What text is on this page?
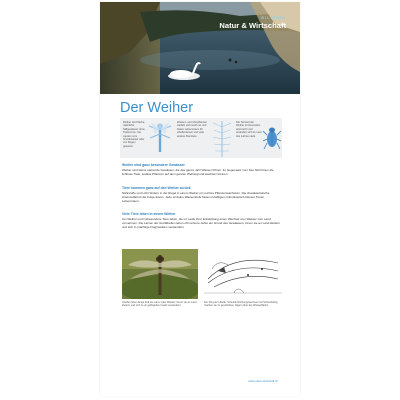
BILDUNG
Natur & Wirtschaft
Der Weiher
Weiher sind flache, natürliche Stillgewässer ohne Tiefenzone. Sie werden vom Grundwasser oder von Regen gespeist.
Wasser- und Uferpflanzen siedeln sich rasch an und bieten Lebensraum für Libellenlarven und viele andere Kleintiere.
Die Tierwelt der Weiher ist besonders artenreich und verändert sich im Lauf des Jahres stark.
Weiher sind ganz besondere Gewässer
Weiher sind kleine stehende Gewässer, die das ganze Jahr Wasser führen. Im Gegensatz zum See fehlt ihnen die lichtlose Tiefe, sodass Pflanzen auf dem ganzen Weihergrund wachsen können.
Tiere kommen ganz auf den Weiher zurück
Nährstoffe und Licht fördern in der Regel in einem Weiher ein reiches Pflanzenwachstum. Die charakteristische Artenvielfalt ist die Folge davon. Jede einzelne Wasserstufe bietet unzähligen mikroskopisch kleinen Tieren Lebensraum.
Viele Tiere leben in einem Weiher
Am Weiher und insbesondere Tiere leben, die im Laufe ihrer Entwicklung einen Wechsel vom Wasser zum Land vornehmen. Die Larven der Großlibellen leben oft mehrere Jahre am Grund des Gewässers, bevor sie an Land klettern und sich in prächtige Fluginsekten verwandeln.
Libellen leben lange Zeit als Larve unter Wasser, bevor sie an Land klettern und sich in ein geflügeltes Insekt verwandeln.
Der Flug der Libelle: Schnelle Richtungswechsel und Schwebeflug machen sie zu geschickten Jägern über der Wasserfläche.
www.natur-wirtschaft.ch
